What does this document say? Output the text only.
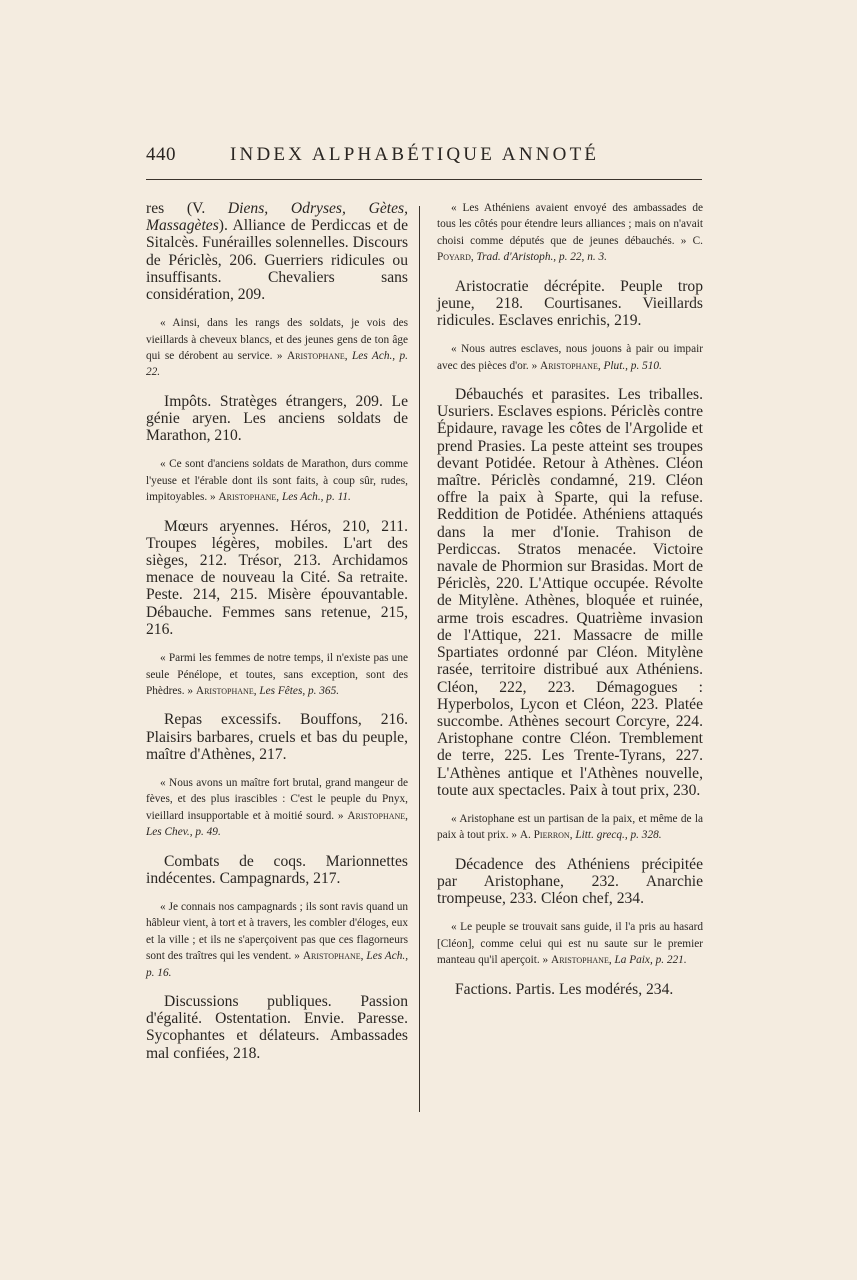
440	INDEX ALPHABÉTIQUE ANNOTÉ

res (V. Diens, Odryses, Gètes, Massagètes). Alliance de Perdiccas et de Sitalcès. Funérailles solennelles. Discours de Périclès, 206. Guerriers ridicules ou insuffisants. Chevaliers sans considération, 209.

« Ainsi, dans les rangs des soldats, je vois des vieillards à cheveux blancs, et des jeunes gens de ton âge qui se dérobent au service. » Aristophane, Les Ach., p. 22.

Impôts. Stratèges étrangers, 209. Le génie aryen. Les anciens soldats de Marathon, 210.

« Ce sont d'anciens soldats de Marathon, durs comme l'yeuse et l'érable dont ils sont faits, à coup sûr, rudes, impitoyables. » Aristophane, Les Ach., p. 11.

Mœurs aryennes. Héros, 210, 211. Troupes légères, mobiles. L'art des sièges, 212. Trésor, 213. Archidamos menace de nouveau la Cité. Sa retraite. Peste. 214, 215. Misère épouvantable. Débauche. Femmes sans retenue, 215, 216.

« Parmi les femmes de notre temps, il n'existe pas une seule Pénélope, et toutes, sans exception, sont des Phèdres. » Aristophane, Les Fêtes, p. 365.

Repas excessifs. Bouffons, 216. Plaisirs barbares, cruels et bas du peuple, maître d'Athènes, 217.

« Nous avons un maître fort brutal, grand mangeur de fèves, et des plus irascibles : C'est le peuple du Pnyx, vieillard insupportable et à moitié sourd. » Aristophane, Les Chev., p. 49.

Combats de coqs. Marionnettes indécentes. Campagnards, 217.

« Je connais nos campagnards ; ils sont ravis quand un hâbleur vient, à tort et à travers, les combler d'éloges, eux et la ville ; et ils ne s'aperçoivent pas que ces flagorneurs sont des traîtres qui les vendent. » Aristophane, Les Ach., p. 16.

Discussions publiques. Passion d'égalité. Ostentation. Envie. Paresse. Sycophantes et délateurs. Ambassades mal confiées, 218.

« Les Athéniens avaient envoyé des ambassades de tous les côtés pour étendre leurs alliances ; mais on n'avait choisi comme députés que de jeunes débauchés. » C. Poyard, Trad. d'Aristoph., p. 22, n. 3.

Aristocratie décrépite. Peuple trop jeune, 218. Courtisanes. Vieillards ridicules. Esclaves enrichis, 219.

« Nous autres esclaves, nous jouons à pair ou impair avec des pièces d'or. » Aristophane, Plut., p. 510.

Débauchés et parasites. Les triballes. Usuriers. Esclaves espions. Périclès contre Épidaure, ravage les côtes de l'Argolide et prend Prasies. La peste atteint ses troupes devant Potidée. Retour à Athènes. Cléon maître. Périclès condamné, 219. Cléon offre la paix à Sparte, qui la refuse. Reddition de Potidée. Athéniens attaqués dans la mer d'Ionie. Trahison de Perdiccas. Stratos menacée. Victoire navale de Phormion sur Brasidas. Mort de Périclès, 220. L'Attique occupée. Révolte de Mitylène. Athènes, bloquée et ruinée, arme trois escadres. Quatrième invasion de l'Attique, 221. Massacre de mille Spartiates ordonné par Cléon. Mitylène rasée, territoire distribué aux Athéniens. Cléon, 222, 223. Démagogues : Hyperbolos, Lycon et Cléon, 223. Platée succombe. Athènes secourt Corcyre, 224. Aristophane contre Cléon. Tremblement de terre, 225. Les Trente-Tyrans, 227. L'Athènes antique et l'Athènes nouvelle, toute aux spectacles. Paix à tout prix, 230.

« Aristophane est un partisan de la paix, et même de la paix à tout prix. » A. Pierron, Litt. grecq., p. 328.

Décadence des Athéniens précipitée par Aristophane, 232. Anarchie trompeuse, 233. Cléon chef, 234.

« Le peuple se trouvait sans guide, il l'a pris au hasard [Cléon], comme celui qui est nu saute sur le premier manteau qu'il aperçoit. » Aristophane, La Paix, p. 221.

Factions. Partis. Les modérés, 234.
